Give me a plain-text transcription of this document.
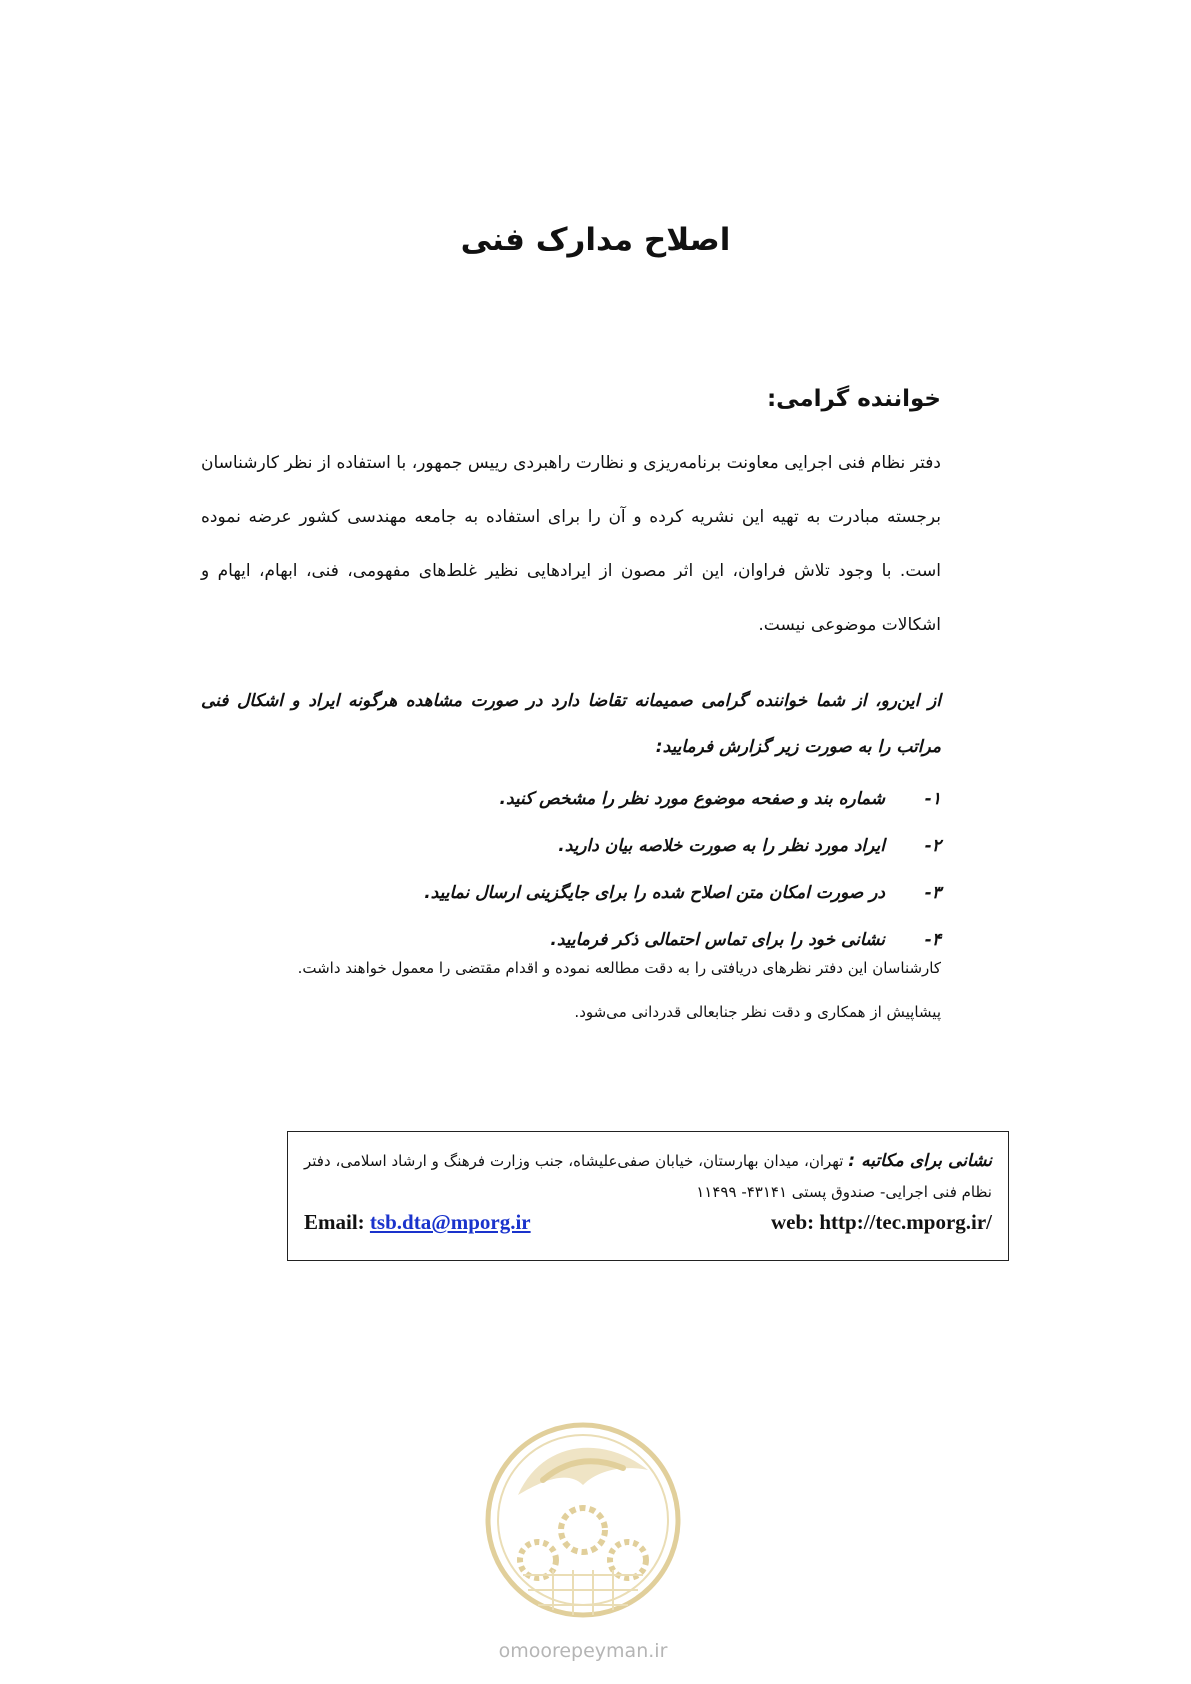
اصلاح مدارک فنی
خواننده گرامی:
دفتر نظام فنی اجرایی معاونت برنامه‌ریزی و نظارت راهبردی رییس جمهور، با استفاده از نظر کارشناسان برجسته مبادرت به تهیه این نشریه کرده و آن را برای استفاده به جامعه مهندسی کشور عرضه نموده است. با وجود تلاش فراوان، این اثر مصون از ایرادهایی نظیر غلط‌های مفهومی، فنی، ابهام، ایهام و اشکالات موضوعی نیست.
از این‌رو، از شما خواننده گرامی صمیمانه تقاضا دارد در صورت مشاهده هرگونه ایراد و اشکال فنی مراتب را به صورت زیر گزارش فرمایید:
۱-
شماره بند و صفحه موضوع مورد نظر را مشخص کنید.
۲-
ایراد مورد نظر را به صورت خلاصه بیان دارید.
۳-
در صورت امکان متن اصلاح شده را برای جایگزینی ارسال نمایید.
۴-
نشانی خود را برای تماس احتمالی ذکر فرمایید.
کارشناسان این دفتر نظرهای دریافتی را به دقت مطالعه نموده و اقدام مقتضی را معمول خواهند داشت.
پیشاپیش از همکاری و دقت نظر جنابعالی قدردانی می‌شود.
نشانی برای مکاتبه : تهران، میدان بهارستان، خیابان صفی‌علیشاه، جنب وزارت فرهنگ و ارشاد اسلامی، دفتر نظام فنی اجرایی- صندوق پستی ۴۳۱۴۱- ۱۱۴۹۹
Email: tsb.dta@mporg.ir	web: http://tec.mporg.ir/
omoorepeyman.ir
